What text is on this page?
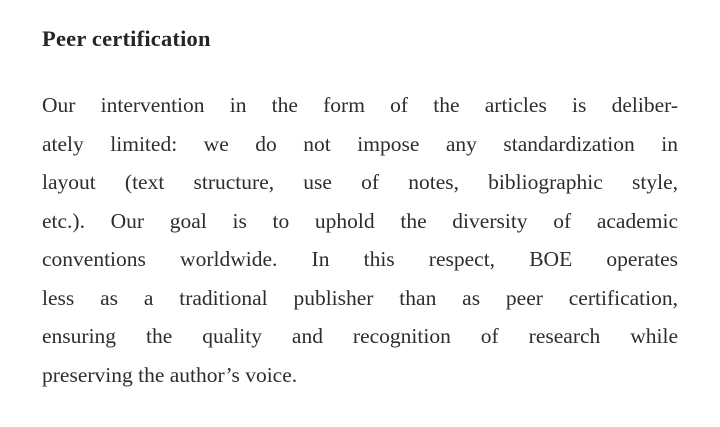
Peer certification
Our intervention in the form of the articles is deliber-
ately limited: we do not impose any standardization in
layout (text structure, use of notes, bibliographic style,
etc.). Our goal is to uphold the diversity of academic
conventions worldwide. In this respect, BOE operates
less as a traditional publisher than as peer certification,
ensuring the quality and recognition of research while
preserving the author’s voice.
